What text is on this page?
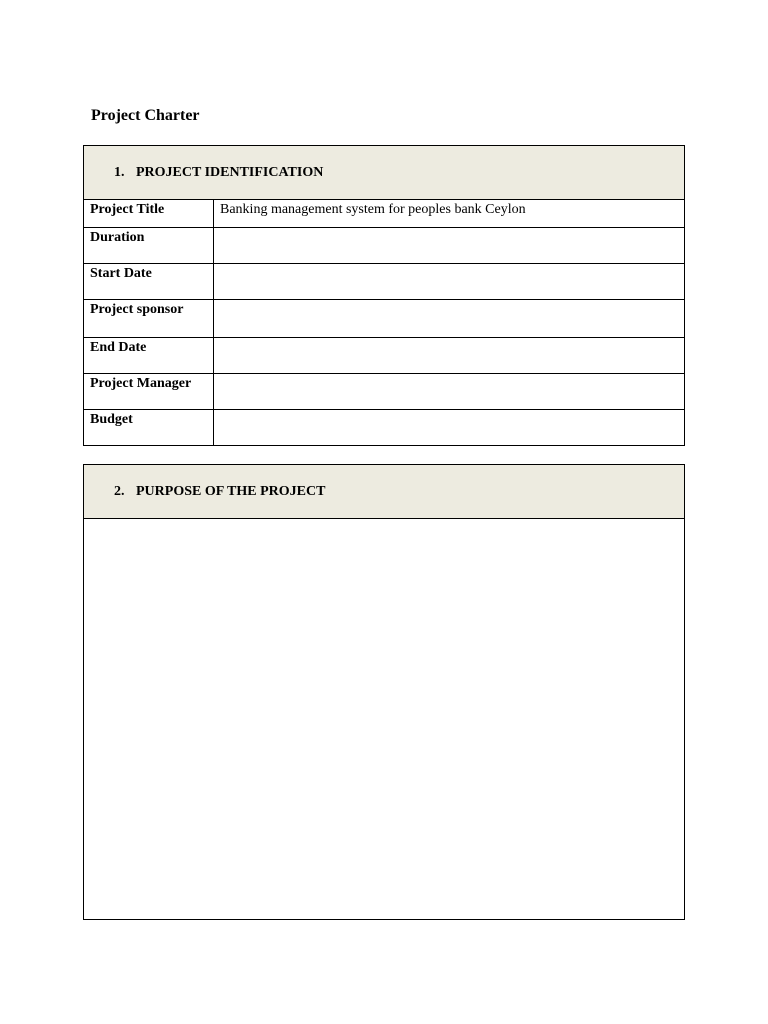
Project Charter
1. PROJECT IDENTIFICATION
Project Title	Banking management system for peoples bank Ceylon
Duration
Start Date
Project sponsor
End Date
Project Manager
Budget
2. PURPOSE OF THE PROJECT
